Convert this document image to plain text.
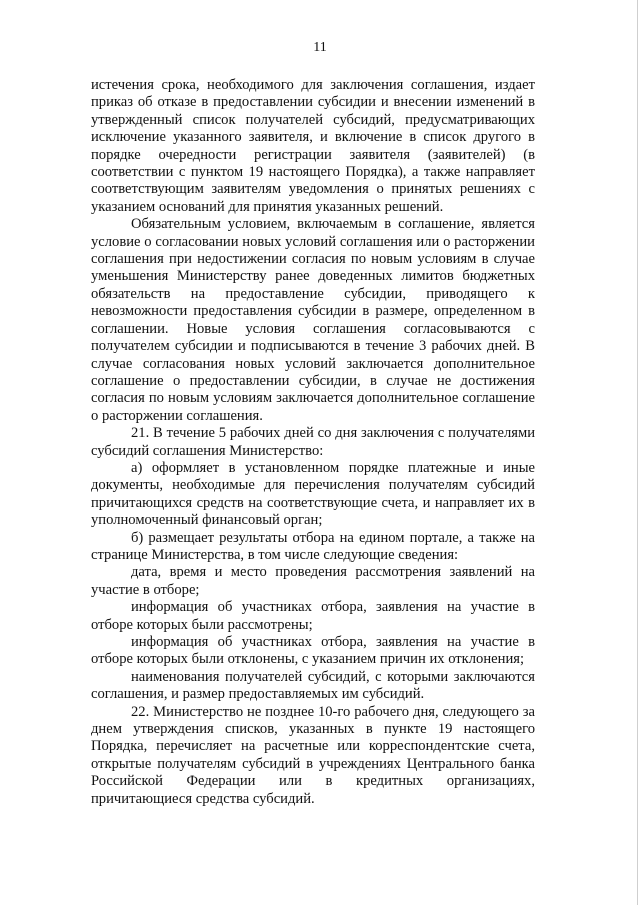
11

истечения срока, необходимого для заключения соглашения, издает приказ об отказе в предоставлении субсидии и внесении изменений в утвержденный список получателей субсидий, предусматривающих исключение указанного заявителя, и включение в список другого в порядке очередности регистрации заявителя (заявителей) (в соответствии с пунктом 19 настоящего Порядка), а также направляет соответствующим заявителям уведомления о принятых решениях с указанием оснований для принятия указанных решений.

Обязательным условием, включаемым в соглашение, является условие о согласовании новых условий соглашения или о расторжении соглашения при недостижении согласия по новым условиям в случае уменьшения Министерству ранее доведенных лимитов бюджетных обязательств на предоставление субсидии, приводящего к невозможности предоставления субсидии в размере, определенном в соглашении. Новые условия соглашения согласовываются с получателем субсидии и подписываются в течение 3 рабочих дней. В случае согласования новых условий заключается дополнительное соглашение о предоставлении субсидии, в случае не достижения согласия по новым условиям заключается дополнительное соглашение о расторжении соглашения.

21. В течение 5 рабочих дней со дня заключения с получателями субсидий соглашения Министерство:

а) оформляет в установленном порядке платежные и иные документы, необходимые для перечисления получателям субсидий причитающихся средств на соответствующие счета, и направляет их в уполномоченный финансовый орган;

б) размещает результаты отбора на едином портале, а также на странице Министерства, в том числе следующие сведения:

дата, время и место проведения рассмотрения заявлений на участие в отборе;

информация об участниках отбора, заявления на участие в отборе которых были рассмотрены;

информация об участниках отбора, заявления на участие в отборе которых были отклонены, с указанием причин их отклонения;

наименования получателей субсидий, с которыми заключаются соглашения, и размер предоставляемых им субсидий.

22. Министерство не позднее 10-го рабочего дня, следующего за днем утверждения списков, указанных в пункте 19 настоящего Порядка, перечисляет на расчетные или корреспондентские счета, открытые получателям субсидий в учреждениях Центрального банка Российской Федерации или в кредитных организациях, причитающиеся средства субсидий.
